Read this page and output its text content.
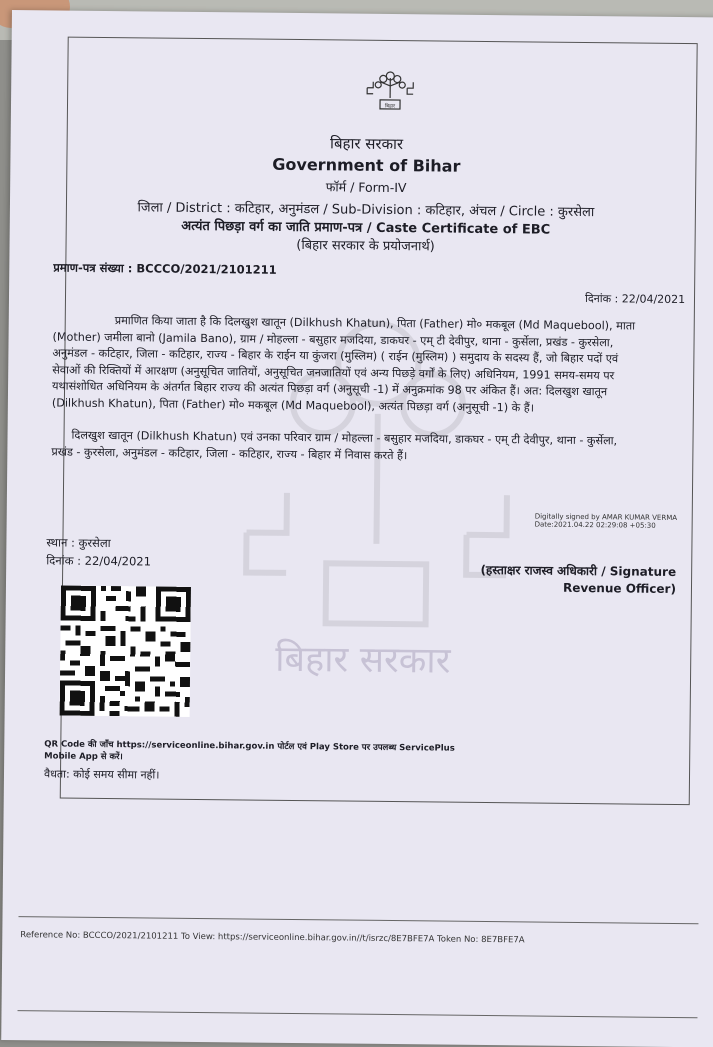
बिहार
बिहार सरकार
बिहार सरकार
Government of Bihar
फॉर्म / Form-IV
जिला / District : कटिहार, अनुमंडल / Sub-Division : कटिहार, अंचल / Circle : कुरसेला
अत्यंत पिछड़ा वर्ग का जाति प्रमाण-पत्र / Caste Certificate of EBC
(बिहार सरकार के प्रयोजनार्थ)
प्रमाण-पत्र संख्या : BCCCO/2021/2101211
दिनांक : 22/04/2021
प्रमाणित किया जाता है कि दिलखुश खातून (Dilkhush Khatun), पिता (Father) मो० मकबूल (Md Maquebool), माता
(Mother) जमीला बानो (Jamila Bano), ग्राम / मोहल्ला - बसुहार मजदिया, डाकघर - एम् टी देवीपुर, थाना - कुर्सेला, प्रखंड - कुरसेला,
अनुमंडल - कटिहार, जिला - कटिहार, राज्य - बिहार के राईन या कुंजरा (मुस्लिम) ( राईन (मुस्लिम) ) समुदाय के सदस्य हैं, जो बिहार पदों एवं
सेवाओं की रिक्तियों में आरक्षण (अनुसूचित जातियों, अनुसूचित जनजातियों एवं अन्य पिछड़े वर्गों के लिए) अधिनियम, 1991 समय-समय पर
यथासंशोधित अधिनियम के अंतर्गत बिहार राज्य की अत्यंत पिछड़ा वर्ग (अनुसूची -1) में अनुक्रमांक 98 पर अंकित हैं। अत: दिलखुश खातून
(Dilkhush Khatun), पिता (Father) मो० मकबूल (Md Maquebool), अत्यंत पिछड़ा वर्ग (अनुसूची -1) के हैं।
दिलखुश खातून (Dilkhush Khatun) एवं उनका परिवार ग्राम / मोहल्ला - बसुहार मजदिया, डाकघर - एम् टी देवीपुर, थाना - कुर्सेला,
प्रखंड - कुरसेला, अनुमंडल - कटिहार, जिला - कटिहार, राज्य - बिहार में निवास करते हैं।
Digitally signed by AMAR KUMAR VERMA
Date:2021.04.22 02:29:08 +05:30
स्थान : कुरसेला
दिनांक : 22/04/2021
(हस्ताक्षर राजस्व अधिकारी / Signature
Revenue Officer)
QR Code की जाँच https://serviceonline.bihar.gov.in पोर्टल एवं Play Store पर उपलब्ध ServicePlus
Mobile App से करें।
वैधता: कोई समय सीमा नहीं।
Reference No: BCCCO/2021/2101211 To View: https://serviceonline.bihar.gov.in//t/isrzc/8E7BFE7A Token No: 8E7BFE7A
